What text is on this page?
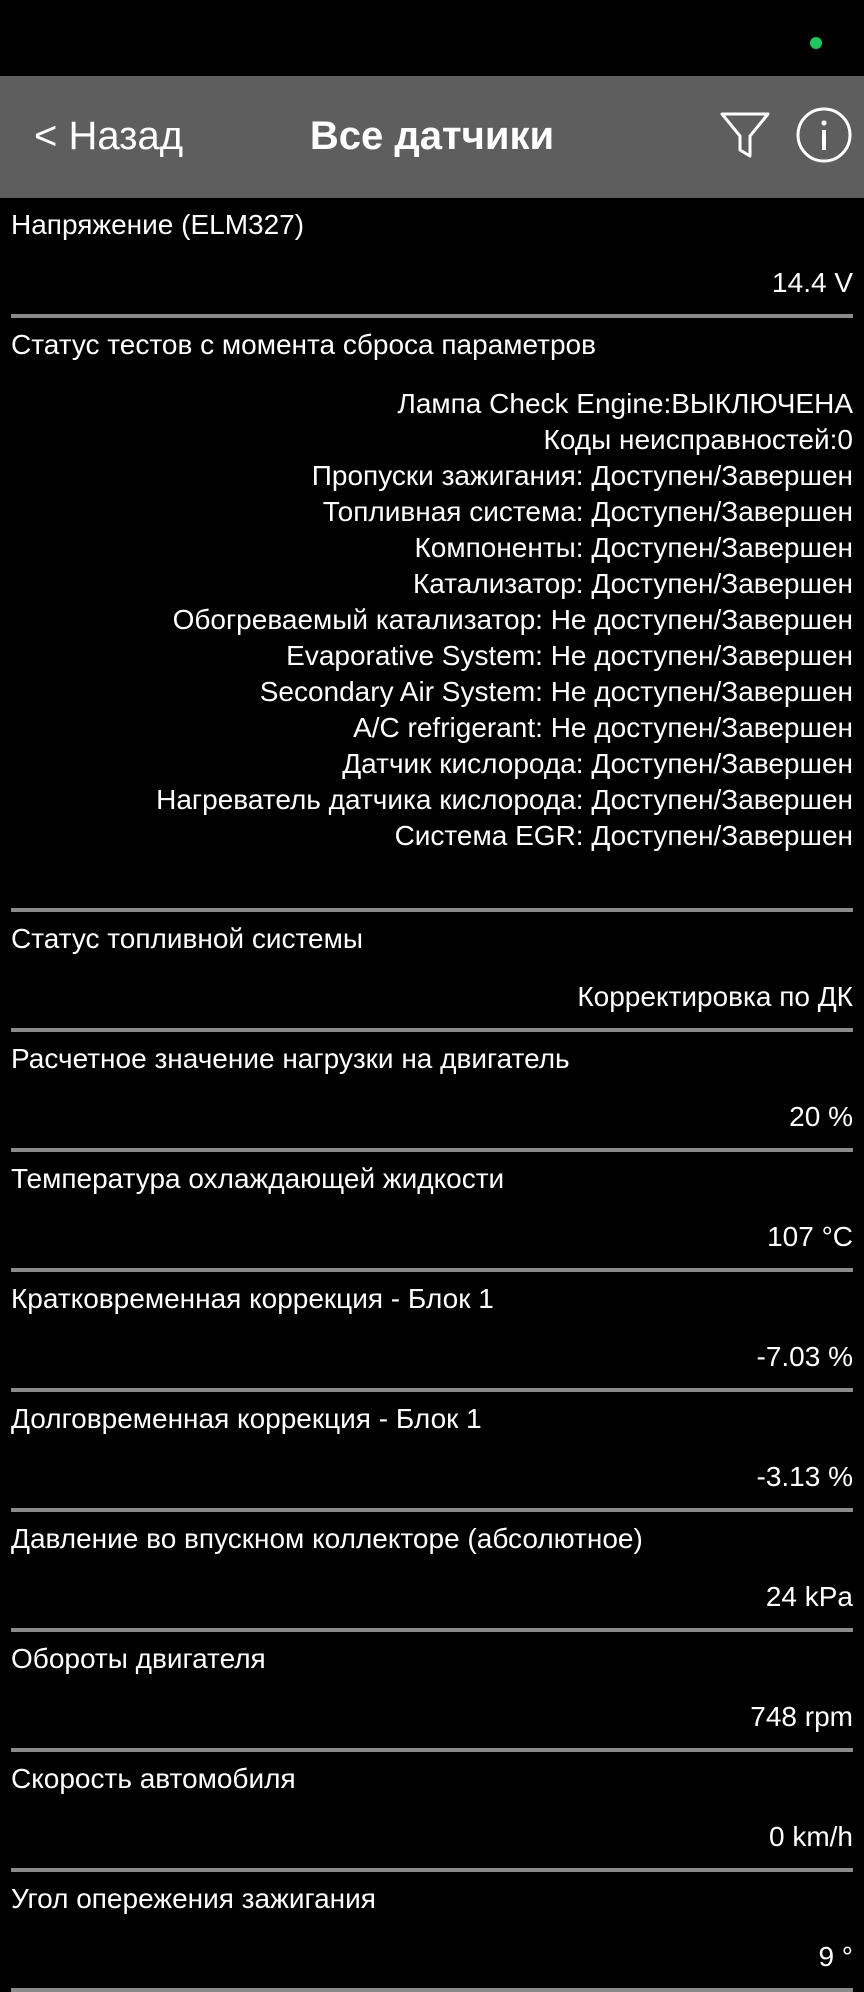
< Назад	Все датчики
Напряжение (ELM327)
14.4 V
Статус тестов с момента сброса параметров
Лампа Check Engine:ВЫКЛЮЧЕНА
Коды неисправностей:0
Пропуски зажигания: Доступен/Завершен
Топливная система: Доступен/Завершен
Компоненты: Доступен/Завершен
Катализатор: Доступен/Завершен
Обогреваемый катализатор: Не доступен/Завершен
Evaporative System: Не доступен/Завершен
Secondary Air System: Не доступен/Завершен
A/C refrigerant: Не доступен/Завершен
Датчик кислорода: Доступен/Завершен
Нагреватель датчика кислорода: Доступен/Завершен
Система EGR: Доступен/Завершен
Статус топливной системы
Корректировка по ДК
Расчетное значение нагрузки на двигатель
20 %
Температура охлаждающей жидкости
107 °C
Кратковременная коррекция - Блок 1
-7.03 %
Долговременная коррекция - Блок 1
-3.13 %
Давление во впускном коллекторе (абсолютное)
24 kPa
Обороты двигателя
748 rpm
Скорость автомобиля
0 km/h
Угол опережения зажигания
9 °
